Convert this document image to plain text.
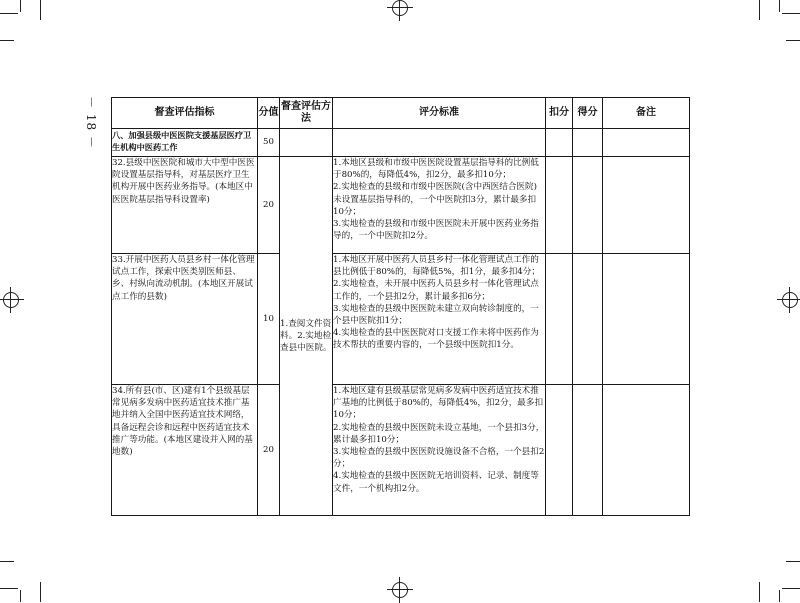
－ 18 －	督查评估指标	分值	督查评估方法	评分标准	扣分	得分	备注
八、加强县级中医医院支援基层医疗卫生机构中医药工作	50					
32.县级中医医院和城市大中型中医医院设置基层指导科，对基层医疗卫生机构开展中医药业务指导。(本地区中医医院基层指导科设置率)	20	1.查阅文件资料。2.实地检查县中医院。	1.本地区县级和市级中医医院设置基层指导科的比例低于80%的，每降低4%，扣2分，最多扣10分；
2.实地检查的县级和市级中医医院(含中西医结合医院)未设置基层指导科的，一个中医院扣3分，累计最多扣10分；
3.实地检查的县级和市级中医医院未开展中医药业务指导的，一个中医院扣2分。			

33.开展中医药人员县乡村一体化管理试点工作，探索中医类别医师县、乡、村纵向流动机制。(本地区开展试点工作的县数)	10		1.本地区开展中医药人员县乡村一体化管理试点工作的县比例低于80%的，每降低5%，扣1分，最多扣4分；
2.实地检查，未开展中医药人员县乡村一体化管理试点工作的，一个县扣2分，累计最多扣6分；
3.实地检查的县级中医医院未建立双向转诊制度的，一个县中医院扣1分；
4.实地检查的县中医医院对口支援工作未将中医药作为技术帮扶的重要内容的，一个县级中医院扣1分。			

34.所有县(市、区)建有1个县级基层常见病多发病中医药适宜技术推广基地并纳入全国中医药适宜技术网络，具备远程会诊和远程中医药适宜技术推广等功能。(本地区建设并入网的基地数)	20		1.本地区建有县级基层常见病多发病中医药适宜技术推广基地的比例低于80%的，每降低4%，扣2分，最多扣10分；
2.实地检查的县级中医医院未设立基地，一个县扣3分，累计最多扣10分；
3.实地检查的县级中医医院设施设备不合格，一个县扣2分；
4.实地检查的县级中医医院无培训资料、记录、制度等文件，一个机构扣2分。			
